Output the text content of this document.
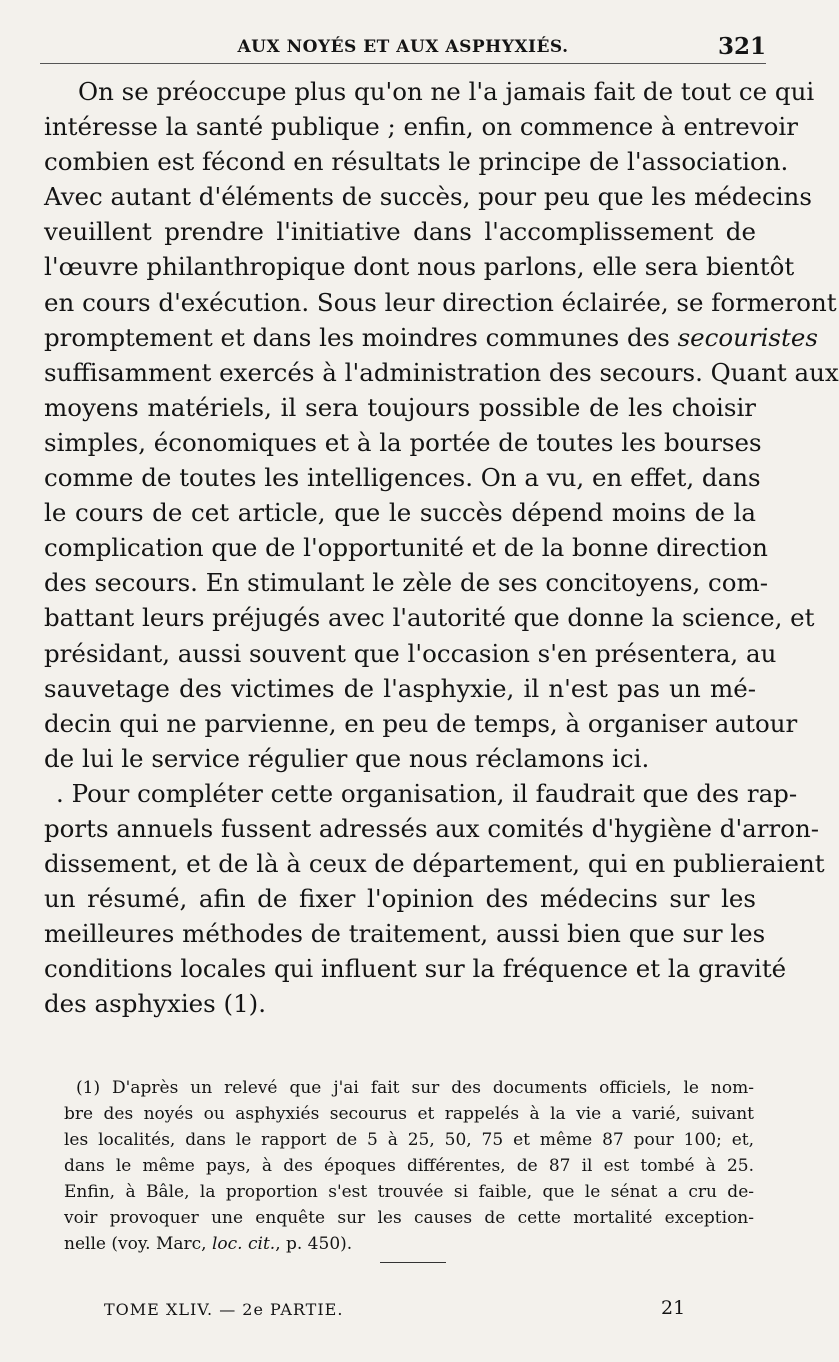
AUX NOYÉS ET AUX ASPHYXIÉS.	321
On se préoccupe plus qu'on ne l'a jamais fait de tout ce qui
intéresse la santé publique ; enfin, on commence à entrevoir
combien est fécond en résultats le principe de l'association.
Avec autant d'éléments de succès, pour peu que les médecins
veuillent prendre l'initiative dans l'accomplissement de
l'œuvre philanthropique dont nous parlons, elle sera bientôt
en cours d'exécution. Sous leur direction éclairée, se formeront
promptement et dans les moindres communes des secouristes
suffisamment exercés à l'administration des secours. Quant aux
moyens matériels, il sera toujours possible de les choisir
simples, économiques et à la portée de toutes les bourses
comme de toutes les intelligences. On a vu, en effet, dans
le cours de cet article, que le succès dépend moins de la
complication que de l'opportunité et de la bonne direction
des secours. En stimulant le zèle de ses concitoyens, com-
battant leurs préjugés avec l'autorité que donne la science, et
présidant, aussi souvent que l'occasion s'en présentera, au
sauvetage des victimes de l'asphyxie, il n'est pas un mé-
decin qui ne parvienne, en peu de temps, à organiser autour
de lui le service régulier que nous réclamons ici.
. Pour compléter cette organisation, il faudrait que des rap-
ports annuels fussent adressés aux comités d'hygiène d'arron-
dissement, et de là à ceux de département, qui en publieraient
un résumé, afin de fixer l'opinion des médecins sur les
meilleures méthodes de traitement, aussi bien que sur les
conditions locales qui influent sur la fréquence et la gravité
des asphyxies (1).
(1) D'après un relevé que j'ai fait sur des documents officiels, le nom-
bre des noyés ou asphyxiés secourus et rappelés à la vie a varié, suivant
les localités, dans le rapport de 5 à 25, 50, 75 et même 87 pour 100; et,
dans le même pays, à des époques différentes, de 87 il est tombé à 25.
Enfin, à Bâle, la proportion s'est trouvée si faible, que le sénat a cru de-
voir provoquer une enquête sur les causes de cette mortalité exception-
nelle (voy. Marc, loc. cit., p. 450).
TOME XLIV. — 2e PARTIE.	21
